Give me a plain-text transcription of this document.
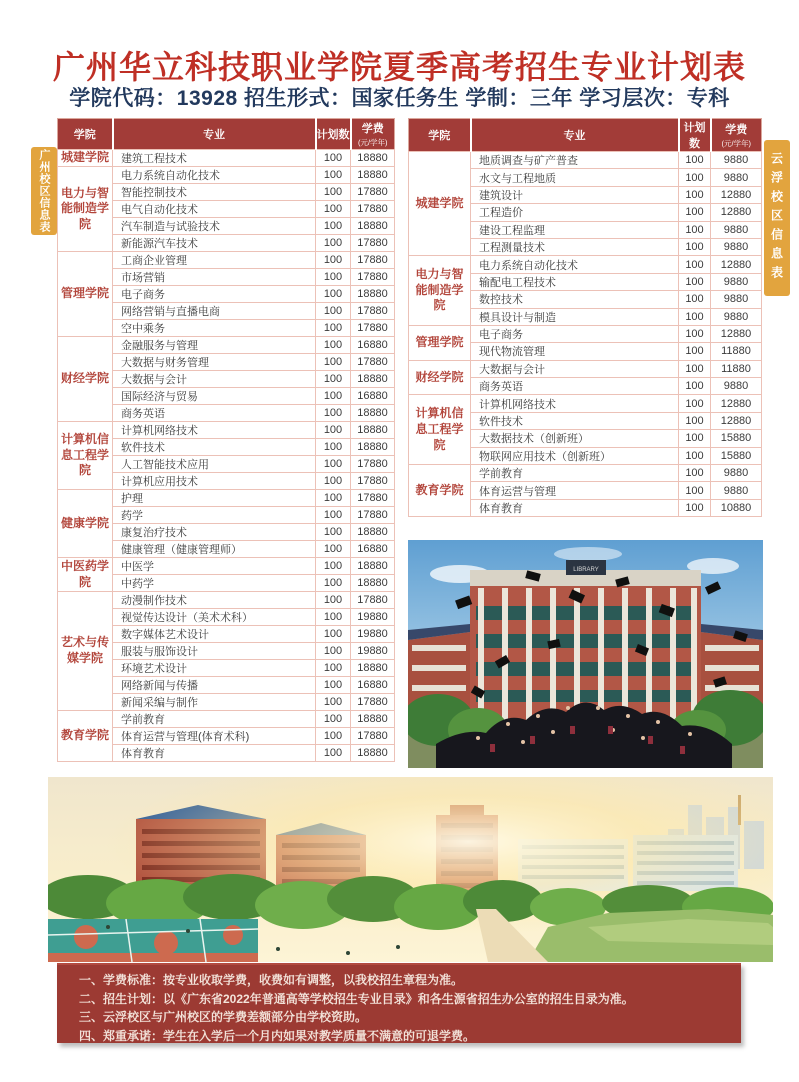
广州华立科技职业学院夏季高考招生专业计划表
学院代码：13928 招生形式：国家任务生 学制：三年 学习层次：专科
广州校区信息表	云浮校区信息表
学院	专业	计划数	学费
(元/学年)

城建学院	建筑工程技术	100	18880
电力与智能制造学院	电力系统自动化技术	100	18880
	智能控制技术	100	17880
	电气自动化技术	100	17880
	汽车制造与试验技术	100	18880
	新能源汽车技术	100	17880
管理学院	工商企业管理	100	17880
	市场营销	100	17880
	电子商务	100	18880
	网络营销与直播电商	100	17880
	空中乘务	100	17880
财经学院	金融服务与管理	100	16880
	大数据与财务管理	100	17880
	大数据与会计	100	18880
	国际经济与贸易	100	16880
	商务英语	100	18880
计算机信息工程学院	计算机网络技术	100	18880
	软件技术	100	18880
	人工智能技术应用	100	17880
	计算机应用技术	100	17880
健康学院	护理	100	17880
	药学	100	17880
	康复治疗技术	100	18880
	健康管理（健康管理师）	100	16880
中医药学院	中医学	100	18880
	中药学	100	18880
艺术与传媒学院	动漫制作技术	100	17880
	视觉传达设计（美术术科）	100	19880
	数字媒体艺术设计	100	19880
	服装与服饰设计	100	19880
	环境艺术设计	100	18880
	网络新闻与传播	100	16880
	新闻采编与制作	100	17880
教育学院	学前教育	100	18880
	体育运营与管理(体育术科)	100	17880
	体育教育	100	18880
学院	专业	计划数	学费
(元/学年)

城建学院	地质调查与矿产普查	100	9880
	水文与工程地质	100	9880
	建筑设计	100	12880
	工程造价	100	12880
	建设工程监理	100	9880
	工程测量技术	100	9880
电力与智能制造学院	电力系统自动化技术	100	12880
	输配电工程技术	100	9880
	数控技术	100	9880
	模具设计与制造	100	9880
管理学院	电子商务	100	12880
	现代物流管理	100	11880
财经学院	大数据与会计	100	11880
	商务英语	100	9880
计算机信息工程学院	计算机网络技术	100	12880
	软件技术	100	12880
	大数据技术（创新班）	100	15880
	物联网应用技术（创新班）	100	15880
教育学院	学前教育	100	9880
	体育运营与管理	100	9880
	体育教育	100	10880
LIBRARY
一、学费标准：按专业收取学费，收费如有调整，以我校招生章程为准。
二、招生计划：以《广东省2022年普通高等学校招生专业目录》和各生源省招生办公室的招生目录为准。
三、云浮校区与广州校区的学费差额部分由学校资助。
四、郑重承诺：学生在入学后一个月内如果对教学质量不满意的可退学费。
